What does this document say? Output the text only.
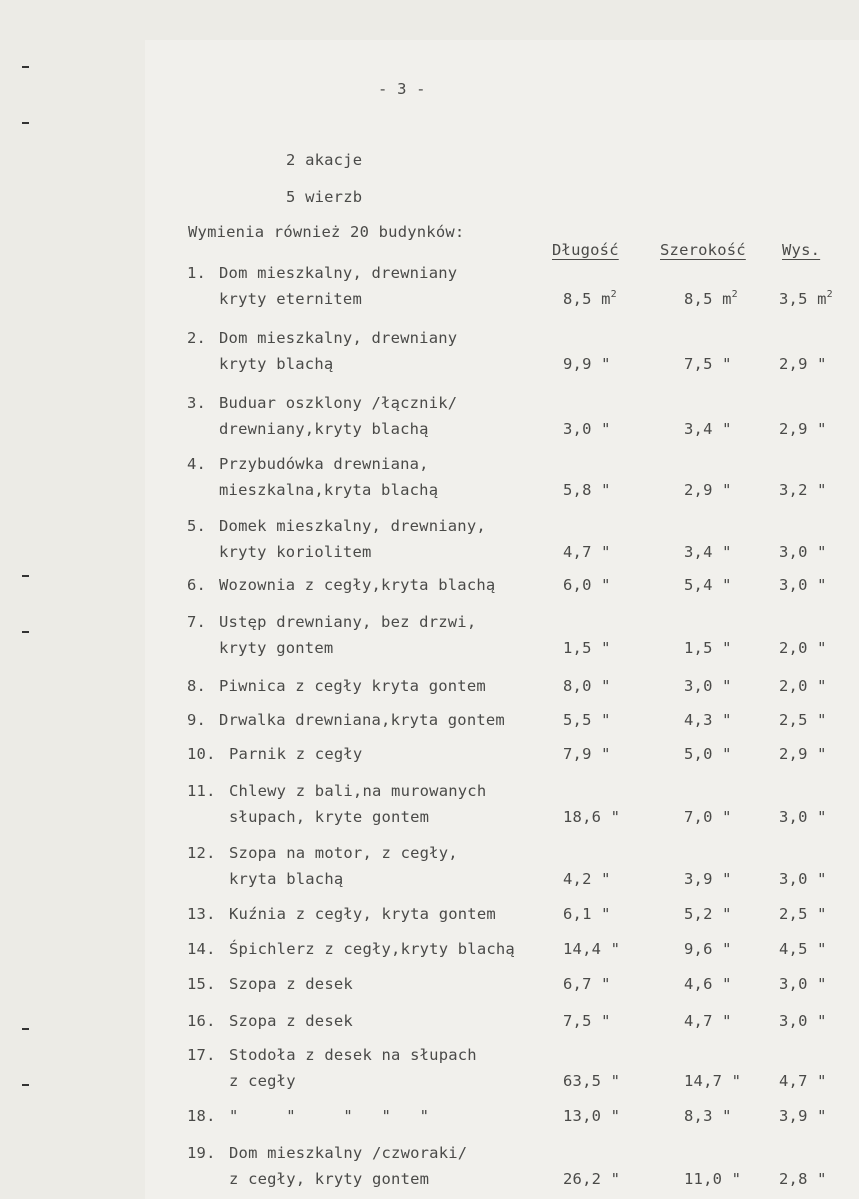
- 3 -
2 akacje
5 wierzb
Wymienia również 20 budynków:
Długość	Szerokość Wys.
1. Dom mieszkalny, drewniany
kryty eternitem	8,5 $m^2$	8,5 $m^2$	3,5 $m^2$
2. Dom mieszkalny, drewniany
kryty blachą	9,9 "	7,5 "	2,9 "
3. Buduar oszklony /łącznik/
drewniany,kryty blachą	3,0 "	3,4 "	2,9 "
4. Przybudówka drewniana,
mieszkalna,kryta blachą	5,8 "	2,9 "	3,2 "
5. Domek mieszkalny, drewniany,
kryty koriolitem	4,7 "	3,4 "	3,0 "
6. Wozownia z cegły,kryta blachą	6,0 "	5,4 "	3,0 "
7. Ustęp drewniany, bez drzwi,
kryty gontem	1,5 "	1,5 "	2,0 "
8. Piwnica z cegły kryta gontem	8,0 "	3,0 "	2,0 "
9. Drwalka drewniana,kryta gontem	5,5 "	4,3 "	2,5 "
10. Parnik z cegły	7,9 "	5,0 "	2,9 "
11. Chlewy z bali,na murowanych
słupach, kryte gontem	18,6 "	7,0 "	3,0 "
12. Szopa na motor, z cegły,
kryta blachą	4,2 "	3,9 "	3,0 "
13. Kuźnia z cegły, kryta gontem	6,1 "	5,2 "	2,5 "
14. Śpichlerz z cegły,kryty blachą	14,4 "	9,6 "	4,5 "
15. Szopa z desek	6,7 "	4,6 "	3,0 "
16. Szopa z desek	7,5 "	4,7 "	3,0 "
17. Stodoła z desek na słupach
z cegły	63,5 "	14,7 " 4,7 "
18. "     "     "   "   "	13,0 "	8,3 "	3,9 "
19. Dom mieszkalny /czworaki/
z cegły, kryty gontem	26,2 "	11,0 " 2,8 "
